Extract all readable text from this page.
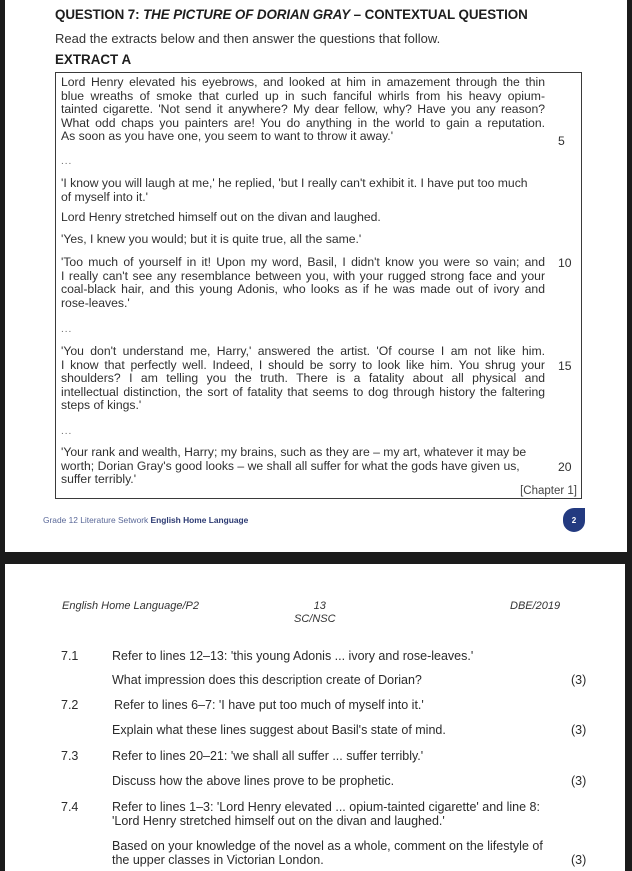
QUESTION 7: THE PICTURE OF DORIAN GRAY – CONTEXTUAL QUESTION
Read the extracts below and then answer the questions that follow.
EXTRACT A
Lord Henry elevated his eyebrows, and looked at him in amazement through the thin
blue wreaths of smoke that curled up in such fanciful whirls from his heavy opium-
tainted cigarette. 'Not send it anywhere? My dear fellow, why? Have you any reason?
What odd chaps you painters are! You do anything in the world to gain a reputation.
As soon as you have one, you seem to want to throw it away.'	5
...
'I know you will laugh at me,' he replied, 'but I really can't exhibit it. I have put too much
of myself into it.'
Lord Henry stretched himself out on the divan and laughed.
'Yes, I knew you would; but it is quite true, all the same.'
'Too much of yourself in it! Upon my word, Basil, I didn't know you were so vain; and
I really can't see any resemblance between you, with your rugged strong face and your
coal-black hair, and this young Adonis, who looks as if he was made out of ivory and
rose-leaves.'
10
...
'You don't understand me, Harry,' answered the artist. 'Of course I am not like him.
I know that perfectly well. Indeed, I should be sorry to look like him. You shrug your
shoulders? I am telling you the truth. There is a fatality about all physical and
intellectual distinction, the sort of fatality that seems to dog through history the faltering
steps of kings.'
15
...
'Your rank and wealth, Harry; my brains, such as they are – my art, whatever it may be
worth; Dorian Gray's good looks – we shall all suffer for what the gods have given us,
suffer terribly.'
20
[Chapter 1]
Grade 12 Literature Setwork English Home Language	2
English Home Language/P2	13
SC/NSC
DBE/2019
7.1	Refer to lines 12–13: 'this young Adonis ... ivory and rose-leaves.'
What impression does this description create of Dorian?	(3)
7.2	Refer to lines 6–7: 'I have put too much of myself into it.'
Explain what these lines suggest about Basil's state of mind.	(3)
7.3	Refer to lines 20–21: 'we shall all suffer ... suffer terribly.'
Discuss how the above lines prove to be prophetic.	(3)
7.4	Refer to lines 1–3: 'Lord Henry elevated ... opium-tainted cigarette' and line 8:
'Lord Henry stretched himself out on the divan and laughed.'
Based on your knowledge of the novel as a whole, comment on the lifestyle of
the upper classes in Victorian London.	(3)
